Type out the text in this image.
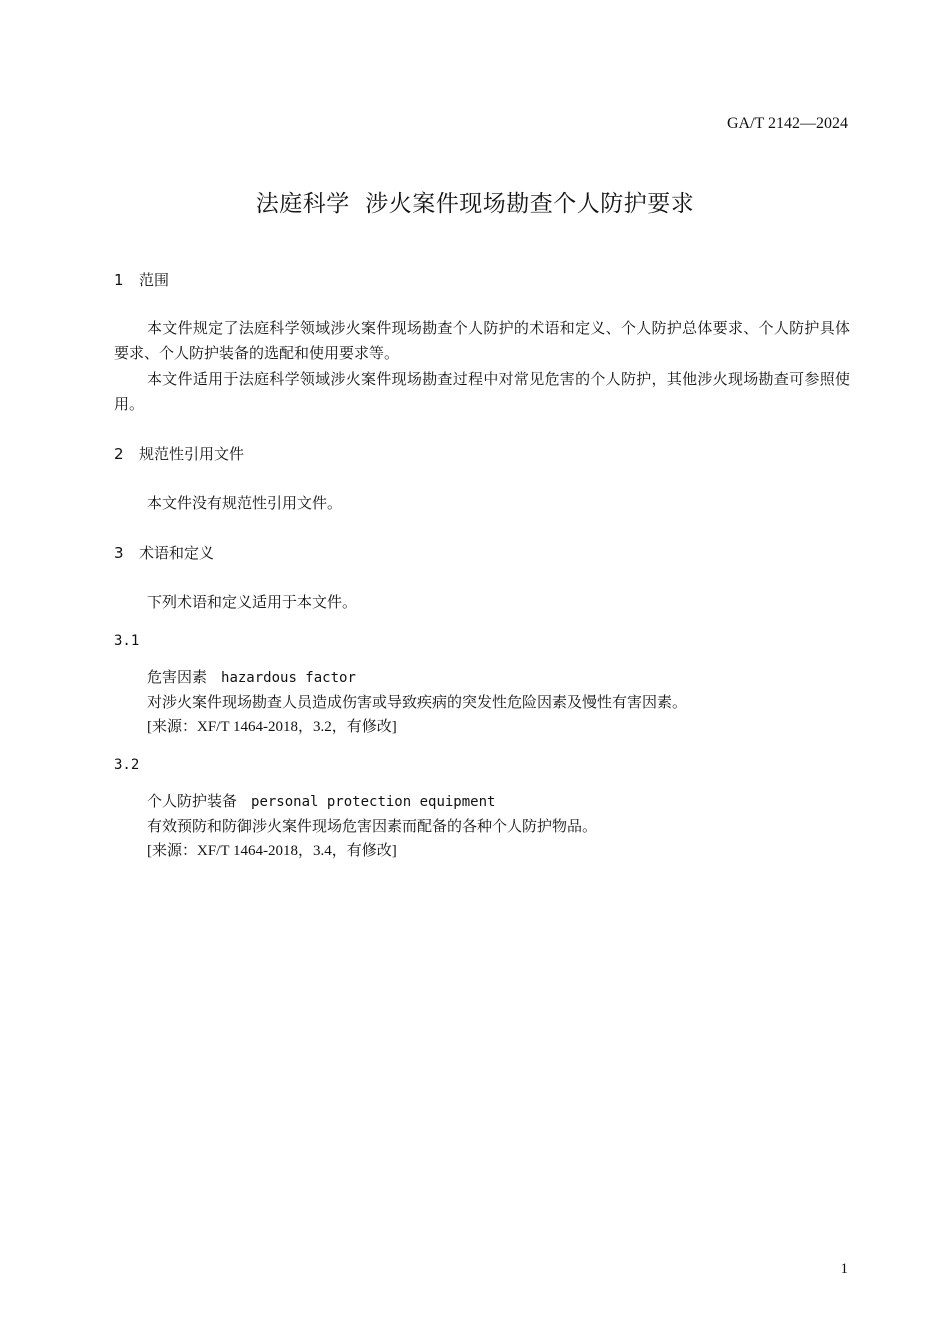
GA/T 2142—2024
法庭科学  涉火案件现场勘查个人防护要求
1 范围
本文件规定了法庭科学领域涉火案件现场勘查个人防护的术语和定义、个人防护总体要求、个人防护具体要求、个人防护装备的选配和使用要求等。
本文件适用于法庭科学领域涉火案件现场勘查过程中对常见危害的个人防护，其他涉火现场勘查可参照使用。
2 规范性引用文件
本文件没有规范性引用文件。
3 术语和定义
下列术语和定义适用于本文件。
3.1
危害因素 hazardous factor
对涉火案件现场勘查人员造成伤害或导致疾病的突发性危险因素及慢性有害因素。
[来源：XF/T 1464-2018，3.2，有修改]
3.2
个人防护装备 personal protection equipment
有效预防和防御涉火案件现场危害因素而配备的各种个人防护物品。
[来源：XF/T 1464-2018，3.4，有修改]
1
